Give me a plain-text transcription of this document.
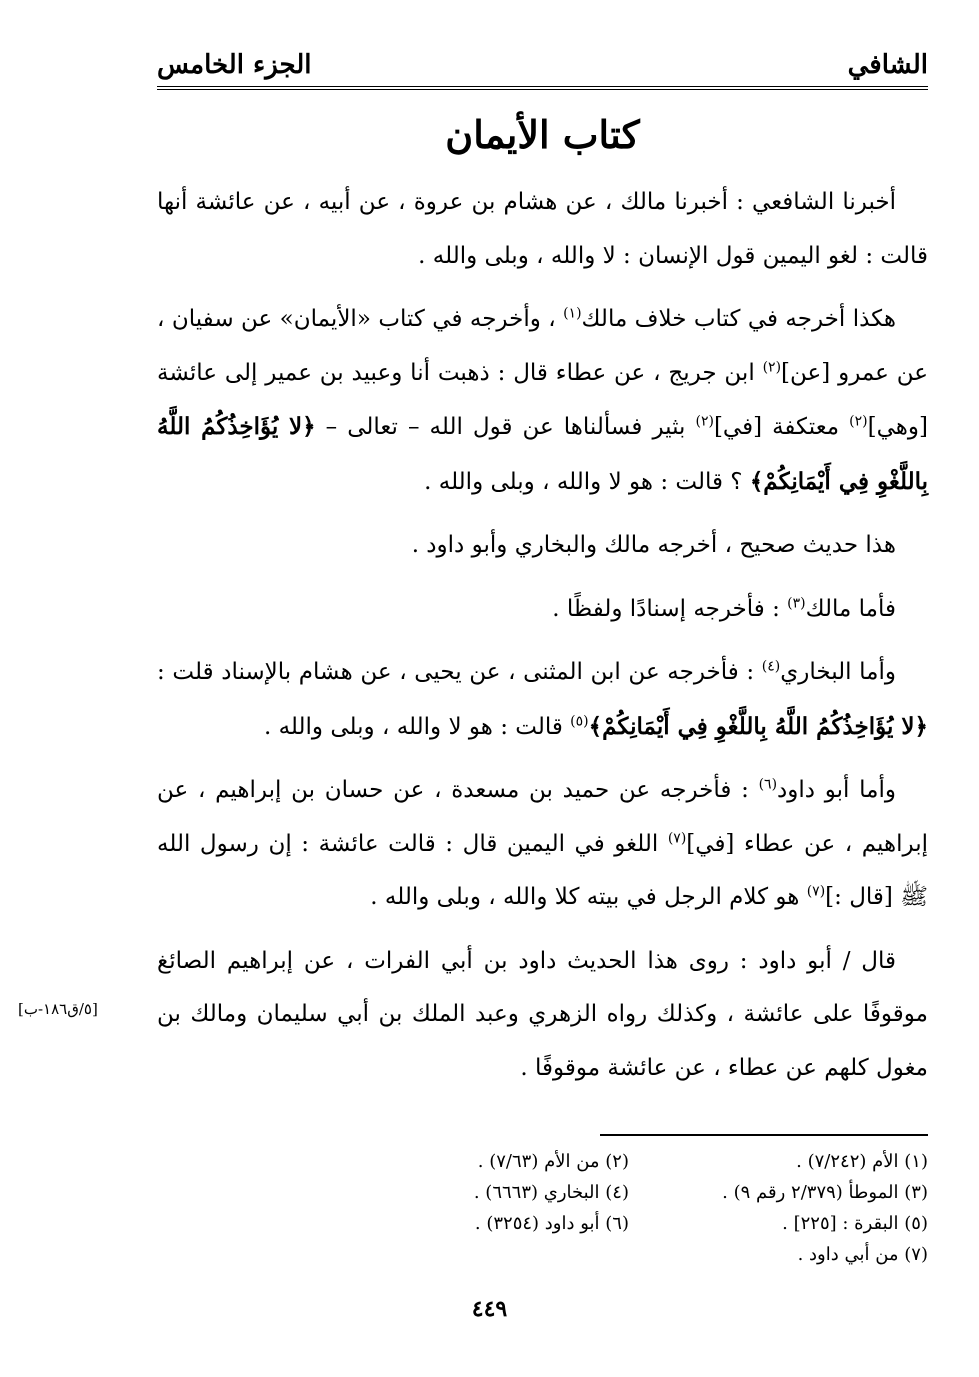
الشافي
الجزء الخامس
كتاب الأيمان

أخبرنا الشافعي : أخبرنا مالك ، عن هشام بن عروة ، عن أبيه ، عن عائشة أنها قالت : لغو اليمين قول الإنسان : لا والله ، وبلى والله .

هكذا أخرجه في كتاب خلاف مالك$^{(١)}$ ، وأخرجه في كتاب «الأيمان» عن سفيان ، عن عمرو [عن]$^{(٢)}$ ابن جريج ، عن عطاء قال : ذهبت أنا وعبيد بن عمير إلى عائشة [وهي]$^{(٢)}$ معتكفة [في]$^{(٢)}$ بثير فسألناها عن قول الله – تعالى – ﴿لا يُؤَاخِذُكُمُ اللَّهُ بِاللَّغْوِ فِي أَيْمَانِكُمْ﴾ ؟ قالت : هو لا والله ، وبلى والله .

هذا حديث صحيح ، أخرجه مالك والبخاري وأبو داود .

فأما مالك$^{(٣)}$ : فأخرجه إسنادًا ولفظًا .

وأما البخاري$^{(٤)}$ : فأخرجه عن ابن المثنى ، عن يحيى ، عن هشام بالإسناد قلت : ﴿لا يُؤَاخِذُكُمُ اللَّهُ بِاللَّغْوِ فِي أَيْمَانِكُمْ﴾$^{(٥)}$ قالت : هو لا والله ، وبلى والله .

وأما أبو داود$^{(٦)}$ : فأخرجه عن حميد بن مسعدة ، عن حسان بن إبراهيم ، عن إبراهيم ، عن عطاء [في]$^{(٧)}$ اللغو في اليمين قال : قالت عائشة : إن رسول الله ﷺ [قال :]$^{(٧)}$ هو كلام الرجل في بيته كلا والله ، وبلى والله .

قال / أبو داود : روى هذا الحديث داود بن أبي الفرات ، عن إبراهيم الصائغ موقوفًا على عائشة ، وكذلك رواه الزهري وعبد الملك بن أبي سليمان ومالك بن مغول كلهم عن عطاء ، عن عائشة موقوفًا .

[٥/ق١٨٦-ب]
(١) الأم (٧/٢٤٢) .
(٢) من الأم (٧/٦٣) .
(٣) الموطأ (٢/٣٧٩ رقم ٩) .
(٤) البخاري (٦٦٦٣) .
(٥) البقرة : [٢٢٥] .
(٦) أبو داود (٣٢٥٤) .
(٧) من أبي داود .
٤٤٩
